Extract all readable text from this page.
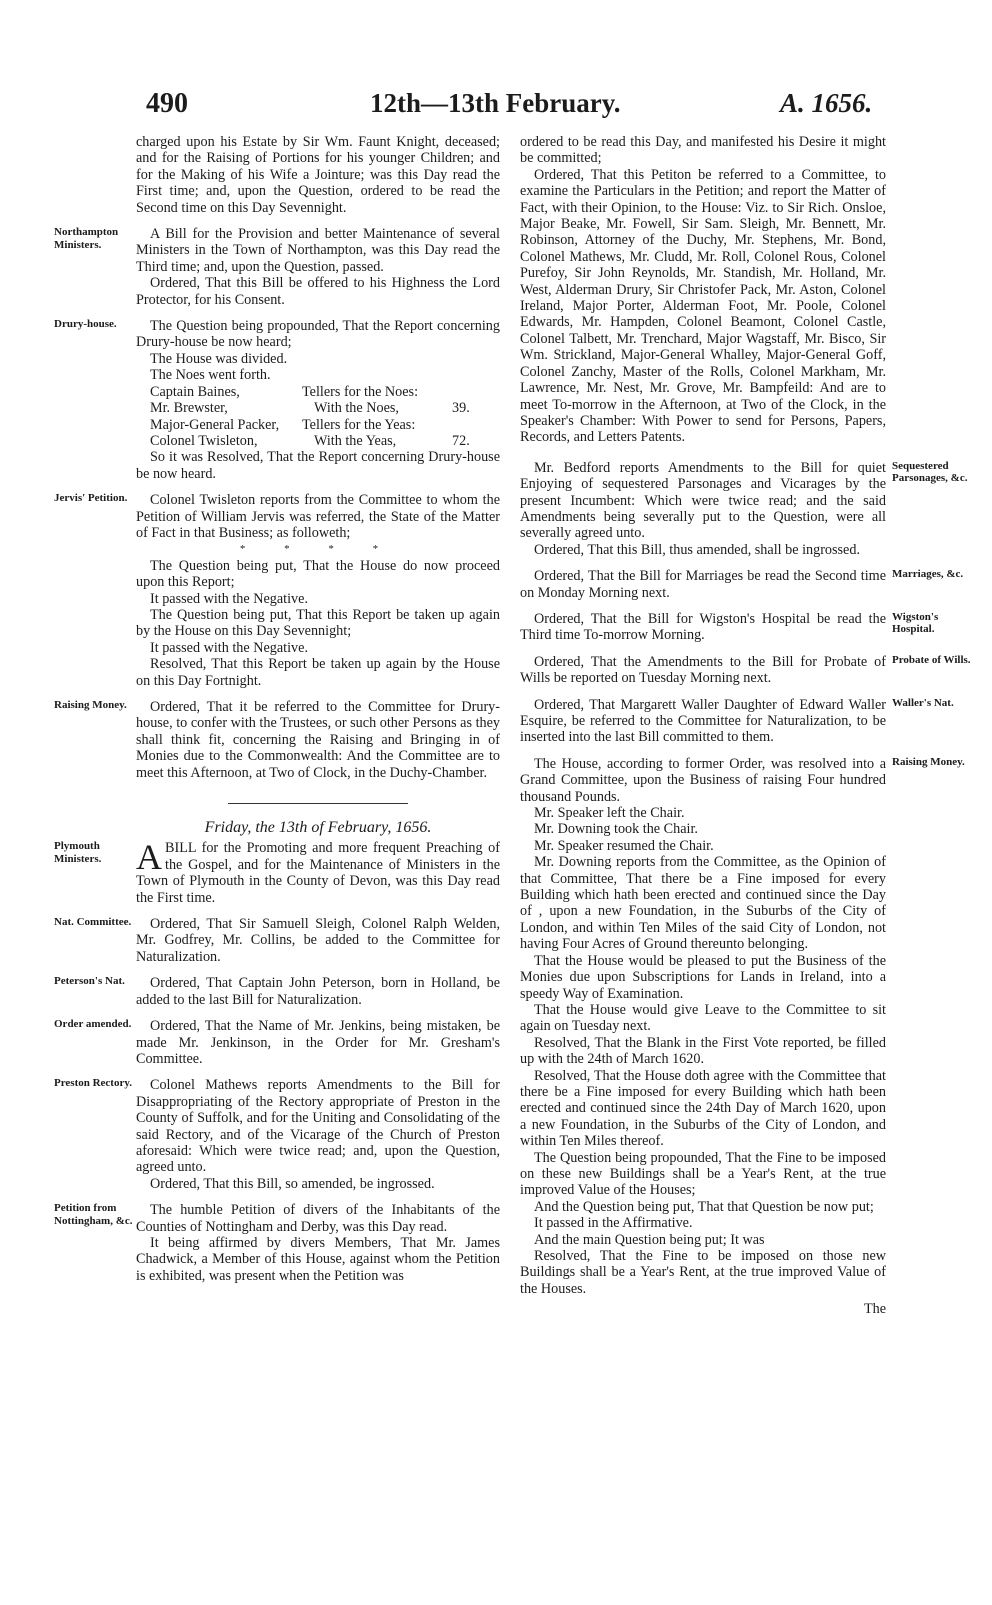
490	12th—13th February.	A. 1656.

charged upon his Estate by Sir Wm. Faunt Knight, deceased; and for the Raising of Portions for his younger Children; and for the Making of his Wife a Jointure; was this Day read the First time; and, upon the Question, ordered to be read the Second time on this Day Sevennight.

Northampton Ministers.

A Bill for the Provision and better Maintenance of several Ministers in the Town of Northampton, was this Day read the Third time; and, upon the Question, passed.

Ordered, That this Bill be offered to his Highness the Lord Protector, for his Consent.

Drury-house.	The Question being propounded, That the Report concerning Drury-house be now heard;

The House was divided.

The Noes went forth.

Captain Baines,	Tellers for the Noes:	
Mr. Brewster,	With the Noes,	39.
Major-General Packer,	Tellers for the Yeas:	
Colonel Twisleton,	With the Yeas,	72.

So it was Resolved, That the Report concerning Drury-house be now heard.

Jervis' Petition.	Colonel Twisleton reports from the Committee to whom the Petition of William Jervis was referred, the State of the Matter of Fact in that Business; as followeth;

* * * *

The Question being put, That the House do now proceed upon this Report;

It passed with the Negative.

The Question being put, That this Report be taken up again by the House on this Day Sevennight;

It passed with the Negative.

Resolved, That this Report be taken up again by the House on this Day Fortnight.

Raising Money.	Ordered, That it be referred to the Committee for Drury-house, to confer with the Trustees, or such other Persons as they shall think fit, concerning the Raising and Bringing in of Monies due to the Commonwealth: And the Committee are to meet this Afternoon, at Two of Clock, in the Duchy-Chamber.

Friday, the 13th of February, 1656.
Plymouth Ministers. ABILL for the Promoting and more frequent Preaching of the Gospel, and for the Maintenance of Ministers in the Town of Plymouth in the County of Devon, was this Day read the First time.

Nat. Committee.	Ordered, That Sir Samuell Sleigh, Colonel Ralph Welden, Mr. Godfrey, Mr. Collins, be added to the Committee for Naturalization.

Peterson's Nat.	Ordered, That Captain John Peterson, born in Holland, be added to the last Bill for Naturalization.

Order amended.	Ordered, That the Name of Mr. Jenkins, being mistaken, be made Mr. Jenkinson, in the Order for Mr. Gresham's Committee.

Preston Rectory.	Colonel Mathews reports Amendments to the Bill for Disappropriating of the Rectory appropriate of Preston in the County of Suffolk, and for the Uniting and Consolidating of the said Rectory, and of the Vicarage of the Church of Preston aforesaid: Which were twice read; and, upon the Question, agreed unto.

Ordered, That this Bill, so amended, be ingrossed.

Petition from Nottingham, &c.

The humble Petition of divers of the Inhabitants of the Counties of Nottingham and Derby, was this Day read.

It being affirmed by divers Members, That Mr. James Chadwick, a Member of this House, against whom the Petition is exhibited, was present when the Petition was

ordered to be read this Day, and manifested his Desire it might be committed;

Ordered, That this Petiton be referred to a Committee, to examine the Particulars in the Petition; and report the Matter of Fact, with their Opinion, to the House: Viz. to Sir Rich. Onsloe, Major Beake, Mr. Fowell, Sir Sam. Sleigh, Mr. Bennett, Mr. Robinson, Attorney of the Duchy, Mr. Stephens, Mr. Bond, Colonel Mathews, Mr. Cludd, Mr. Roll, Colonel Rous, Colonel Purefoy, Sir John Reynolds, Mr. Standish, Mr. Holland, Mr. West, Alderman Drury, Sir Christofer Pack, Mr. Aston, Colonel Ireland, Major Porter, Alderman Foot, Mr. Poole, Colonel Edwards, Mr. Hampden, Colonel Beamont, Colonel Castle, Colonel Talbett, Mr. Trenchard, Major Wagstaff, Mr. Bisco, Sir Wm. Strickland, Major-General Whalley, Major-General Goff, Colonel Zanchy, Master of the Rolls, Colonel Markham, Mr. Lawrence, Mr. Nest, Mr. Grove, Mr. Bampfeild: And are to meet To-morrow in the Afternoon, at Two of the Clock, in the Speaker's Chamber: With Power to send for Persons, Papers, Records, and Letters Patents.

Sequestered Parsonages, &c.

Mr. Bedford reports Amendments to the Bill for quiet Enjoying of sequestered Parsonages and Vicarages by the present Incumbent: Which were twice read; and the said Amendments being severally put to the Question, were all severally agreed unto.

Ordered, That this Bill, thus amended, shall be ingrossed.

Marriages, &c.

Ordered, That the Bill for Marriages be read the Second time on Monday Morning next.

Wigston's Hospital.

Ordered, That the Bill for Wigston's Hospital be read the Third time To-morrow Morning.

Probate of Wills.

Ordered, That the Amendments to the Bill for Probate of Wills be reported on Tuesday Morning next.

Waller's Nat.

Ordered, That Margarett Waller Daughter of Edward Waller Esquire, be referred to the Committee for Naturalization, to be inserted into the last Bill committed to them.

Raising Money.

The House, according to former Order, was resolved into a Grand Committee, upon the Business of raising Four hundred thousand Pounds.

Mr. Speaker left the Chair.

Mr. Downing took the Chair.

Mr. Speaker resumed the Chair.

Mr. Downing reports from the Committee, as the Opinion of that Committee, That there be a Fine imposed for every Building which hath been erected and continued since the Day of , upon a new Foundation, in the Suburbs of the City of London, and within Ten Miles of the said City of London, not having Four Acres of Ground thereunto belonging.

That the House would be pleased to put the Business of the Monies due upon Subscriptions for Lands in Ireland, into a speedy Way of Examination.

That the House would give Leave to the Committee to sit again on Tuesday next.

Resolved, That the Blank in the First Vote reported, be filled up with the 24th of March 1620.

Resolved, That the House doth agree with the Committee that there be a Fine imposed for every Building which hath been erected and continued since the 24th Day of March 1620, upon a new Foundation, in the Suburbs of the City of London, and within Ten Miles thereof.

The Question being propounded, That the Fine to be imposed on these new Buildings shall be a Year's Rent, at the true improved Value of the Houses;

And the Question being put, That that Question be now put;

It passed in the Affirmative.

And the main Question being put; It was

Resolved, That the Fine to be imposed on those new Buildings shall be a Year's Rent, at the true improved Value of the Houses.

The
